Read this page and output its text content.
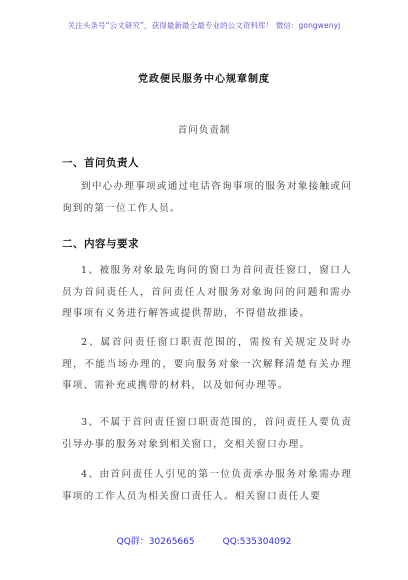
关注头条号“公文研究”，获得最新最全最专业的公文资料库！ 微信：gongwenyj
党政便民服务中心规章制度
首问负责制
一、首问负责人
到中心办理事项或通过电话咨询事项的服务对象接触或问询到的第一位工作人员。
二、内容与要求
1、被服务对象最先询问的窗口为首问责任窗口，窗口人员为首问责任人，首问责任人对服务对象询问的问题和需办理事项有义务进行解答或提供帮助，不得借故推诿。
2、属首问责任窗口职责范围的，需按有关规定及时办理，不能当场办理的，要向服务对象一次解释清楚有关办理事项、需补充或携带的材料，以及如何办理等。
3、不属于首问责任窗口职责范围的，首问责任人要负责引导办事的服务对象到相关窗口，交相关窗口办理。
4、由首问责任人引见的第一位负责承办服务对象需办理事项的工作人员为相关窗口责任人。相关窗口责任人要
QQ群：30265665	QQ:535304092
